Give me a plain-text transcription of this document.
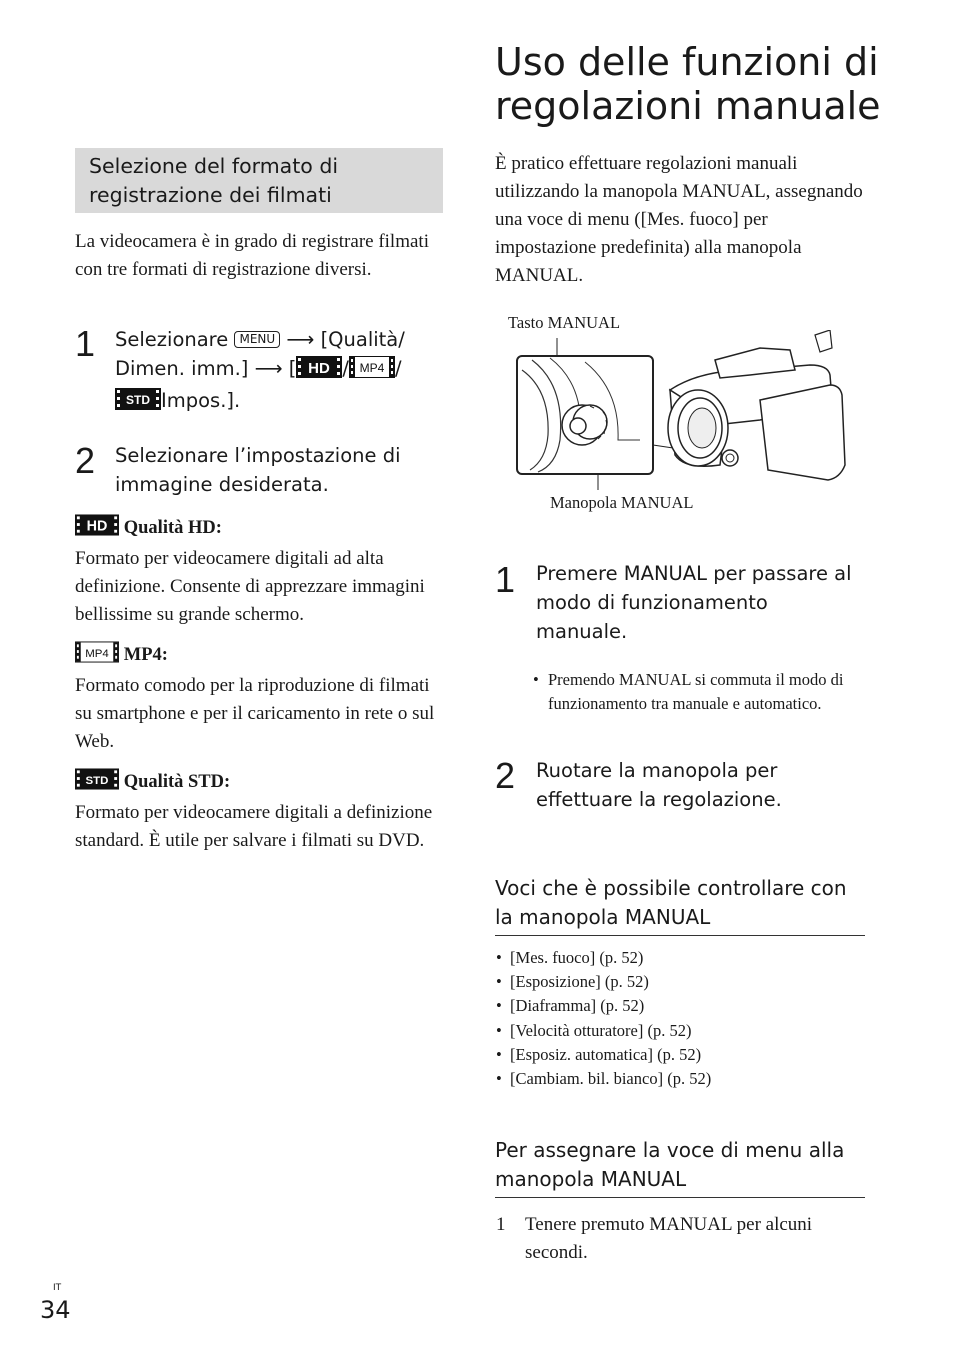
Selezione del formato di registrazione dei filmati
La videocamera è in grado di registrare filmati con tre formati di registrazione diversi.
1 Selezionare MENU ⟶ [Qualità/ Dimen. imm.] ⟶ [ HD / MP4 /
STD Impos.].
2 Selezionare l’impostazione di immagine desiderata.
HD Qualità HD:
Formato per videocamere digitali ad alta definizione. Consente di apprezzare immagini bellissime su grande schermo.
MP4 MP4:
Formato comodo per la riproduzione di filmati su smartphone e per il caricamento in rete o sul Web.
STD Qualità STD:
Formato per videocamere digitali a definizione standard. È utile per salvare i filmati su DVD.
Uso delle funzioni di regolazioni manuale
È pratico effettuare regolazioni manuali utilizzando la manopola MANUAL, assegnando una voce di menu ([Mes. fuoco] per impostazione predefinita) alla manopola MANUAL.
Tasto MANUAL
Manopola MANUAL
1 Premere MANUAL per passare al modo di funzionamento manuale.
• Premendo MANUAL si commuta il modo di funzionamento tra manuale e automatico.
2 Ruotare la manopola per effettuare la regolazione.
Voci che è possibile controllare con la manopola MANUAL
•  [Mes. fuoco] (p. 52)
•  [Esposizione] (p. 52)
•  [Diaframma] (p. 52)
•  [Velocità otturatore] (p. 52)
•  [Esposiz. automatica] (p. 52)
•  [Cambiam. bil. bianco] (p. 52)
Per assegnare la voce di menu alla manopola MANUAL
1 Tenere premuto MANUAL per alcuni secondi.
IT
34
